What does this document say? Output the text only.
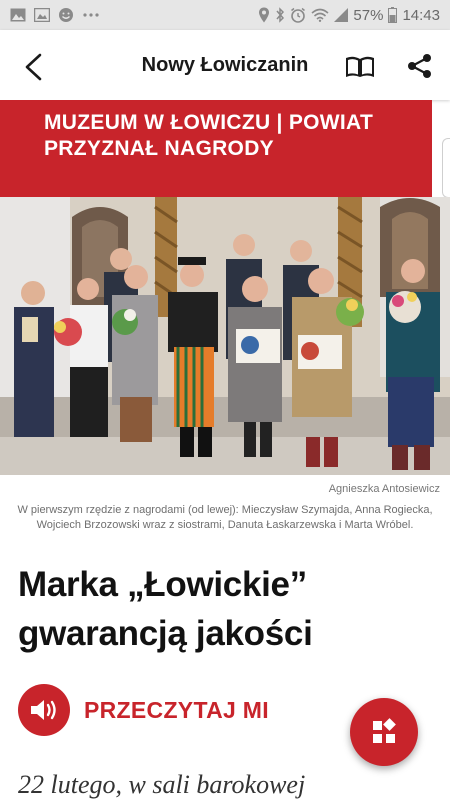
57% 14:43
Nowy Łowiczanin
MUZEUM W ŁOWICZU | POWIAT PRZYZNAŁ NAGRODY
Agnieszka Antosiewicz
W pierwszym rzędzie z nagrodami (od lewej): Mieczysław Szymajda, Anna Rogiecka, Wojciech Brzozowski wraz z siostrami, Danuta Łaskarzewska i Marta Wróbel.
Marka „Łowickie” gwarancją jakości
PRZECZYTAJ MI
22 lutego, w sali barokowej
